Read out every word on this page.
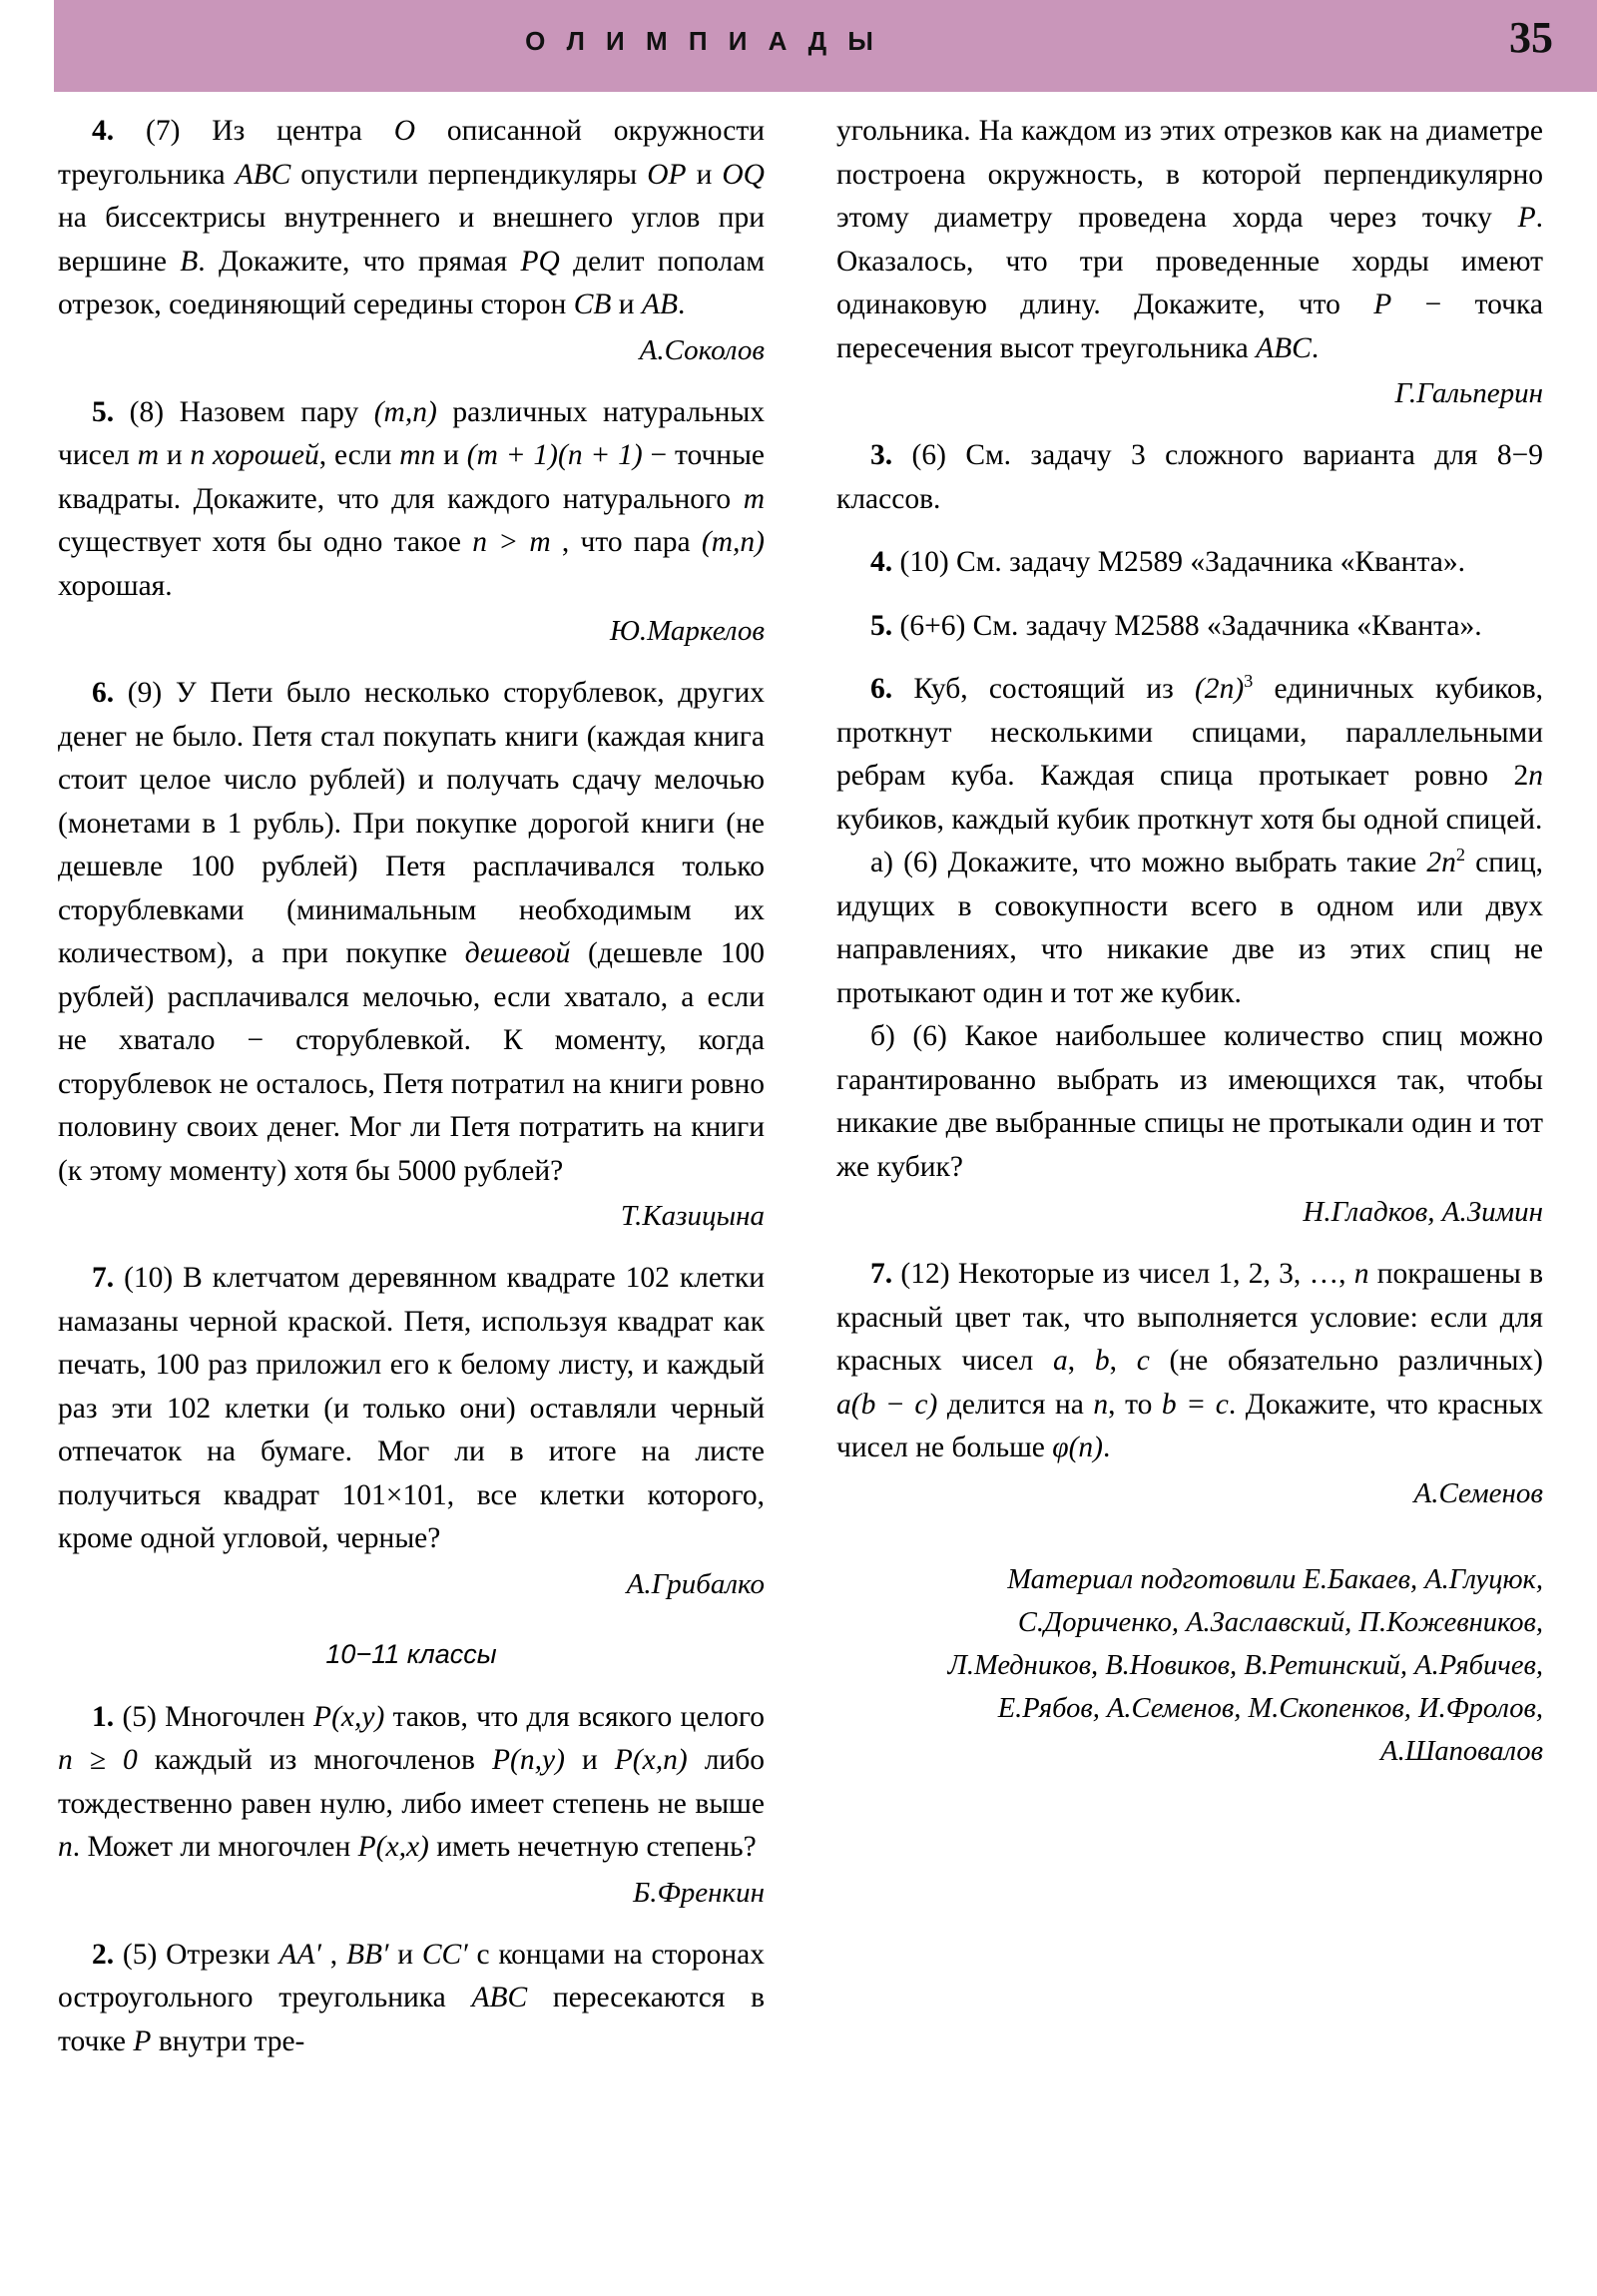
О Л И М П И А Д Ы	35

4. (7) Из центра O описанной окружности треугольника ABC опустили перпендикуляры OP и OQ на биссектрисы внутреннего и внешнего углов при вершине B. Докажите, что прямая PQ делит пополам отрезок, соединяющий середины сторон CB и AB.

А.Соколов

5. (8) Назовем пару (m,n) различных натуральных чисел m и n хорошей, если mn и (m + 1)(n + 1) − точные квадраты. Докажите, что для каждого натурального m существует хотя бы одно такое n > m , что пара (m,n) хорошая.

Ю.Маркелов

6. (9) У Пети было несколько сторублевок, других денег не было. Петя стал покупать книги (каждая книга стоит целое число рублей) и получать сдачу мелочью (монетами в 1 рубль). При покупке дорогой книги (не дешевле 100 рублей) Петя расплачивался только сторублевками (минимальным необходимым их количеством), а при покупке дешевой (дешевле 100 рублей) расплачивался мелочью, если хватало, а если не хватало − сторублевкой. К моменту, когда сторублевок не осталось, Петя потратил на книги ровно половину своих денег. Мог ли Петя потратить на книги (к этому моменту) хотя бы 5000 рублей?

Т.Казицына

7. (10) В клетчатом деревянном квадрате 102 клетки намазаны черной краской. Петя, используя квадрат как печать, 100 раз приложил его к белому листу, и каждый раз эти 102 клетки (и только они) оставляли черный отпечаток на бумаге. Мог ли в итоге на листе получиться квадрат 101×101, все клетки которого, кроме одной угловой, черные?

А.Грибалко

10−11 классы

1. (5) Многочлен P(x,y) таков, что для всякого целого n ≥ 0 каждый из многочленов P(n,y) и P(x,n) либо тождественно равен нулю, либо имеет степень не выше n. Может ли многочлен P(x,x) иметь нечетную степень?

Б.Френкин

2. (5) Отрезки AA′ , BB′ и CC′ с концами на сторонах остроугольного треугольника ABC пересекаются в точке P внутри тре-

угольника. На каждом из этих отрезков как на диаметре построена окружность, в которой перпендикулярно этому диаметру проведена хорда через точку P. Оказалось, что три проведенные хорды имеют одинаковую длину. Докажите, что P − точка пересечения высот треугольника ABC.

Г.Гальперин

3. (6) См. задачу 3 сложного варианта для 8−9 классов.

4. (10) См. задачу M2589 «Задачника «Кванта».

5. (6+6) См. задачу M2588 «Задачника «Кванта».

6. Куб, состоящий из $(2n)^3$ единичных кубиков, проткнут несколькими спицами, параллельными ребрам куба. Каждая спица протыкает ровно 2n кубиков, каждый кубик проткнут хотя бы одной спицей.

а) (6) Докажите, что можно выбрать такие $2n^2$ спиц, идущих в совокупности всего в одном или двух направлениях, что никакие две из этих спиц не протыкают один и тот же кубик.

б) (6) Какое наибольшее количество спиц можно гарантированно выбрать из имеющихся так, чтобы никакие две выбранные спицы не протыкали один и тот же кубик?

Н.Гладков, А.Зимин

7. (12) Некоторые из чисел 1, 2, 3, …, n покрашены в красный цвет так, что выполняется условие: если для красных чисел a, b, c (не обязательно различных) a(b − c) делится на n, то b = c. Докажите, что красных чисел не больше φ(n).

А.Семенов

Материал подготовили Е.Бакаев, А.Глуцюк, С.Дориченко, А.Заславский, П.Кожевников, Л.Медников, В.Новиков, В.Ретинский, А.Рябичев, Е.Рябов, А.Семенов, М.Скопенков, И.Фролов, А.Шаповалов
